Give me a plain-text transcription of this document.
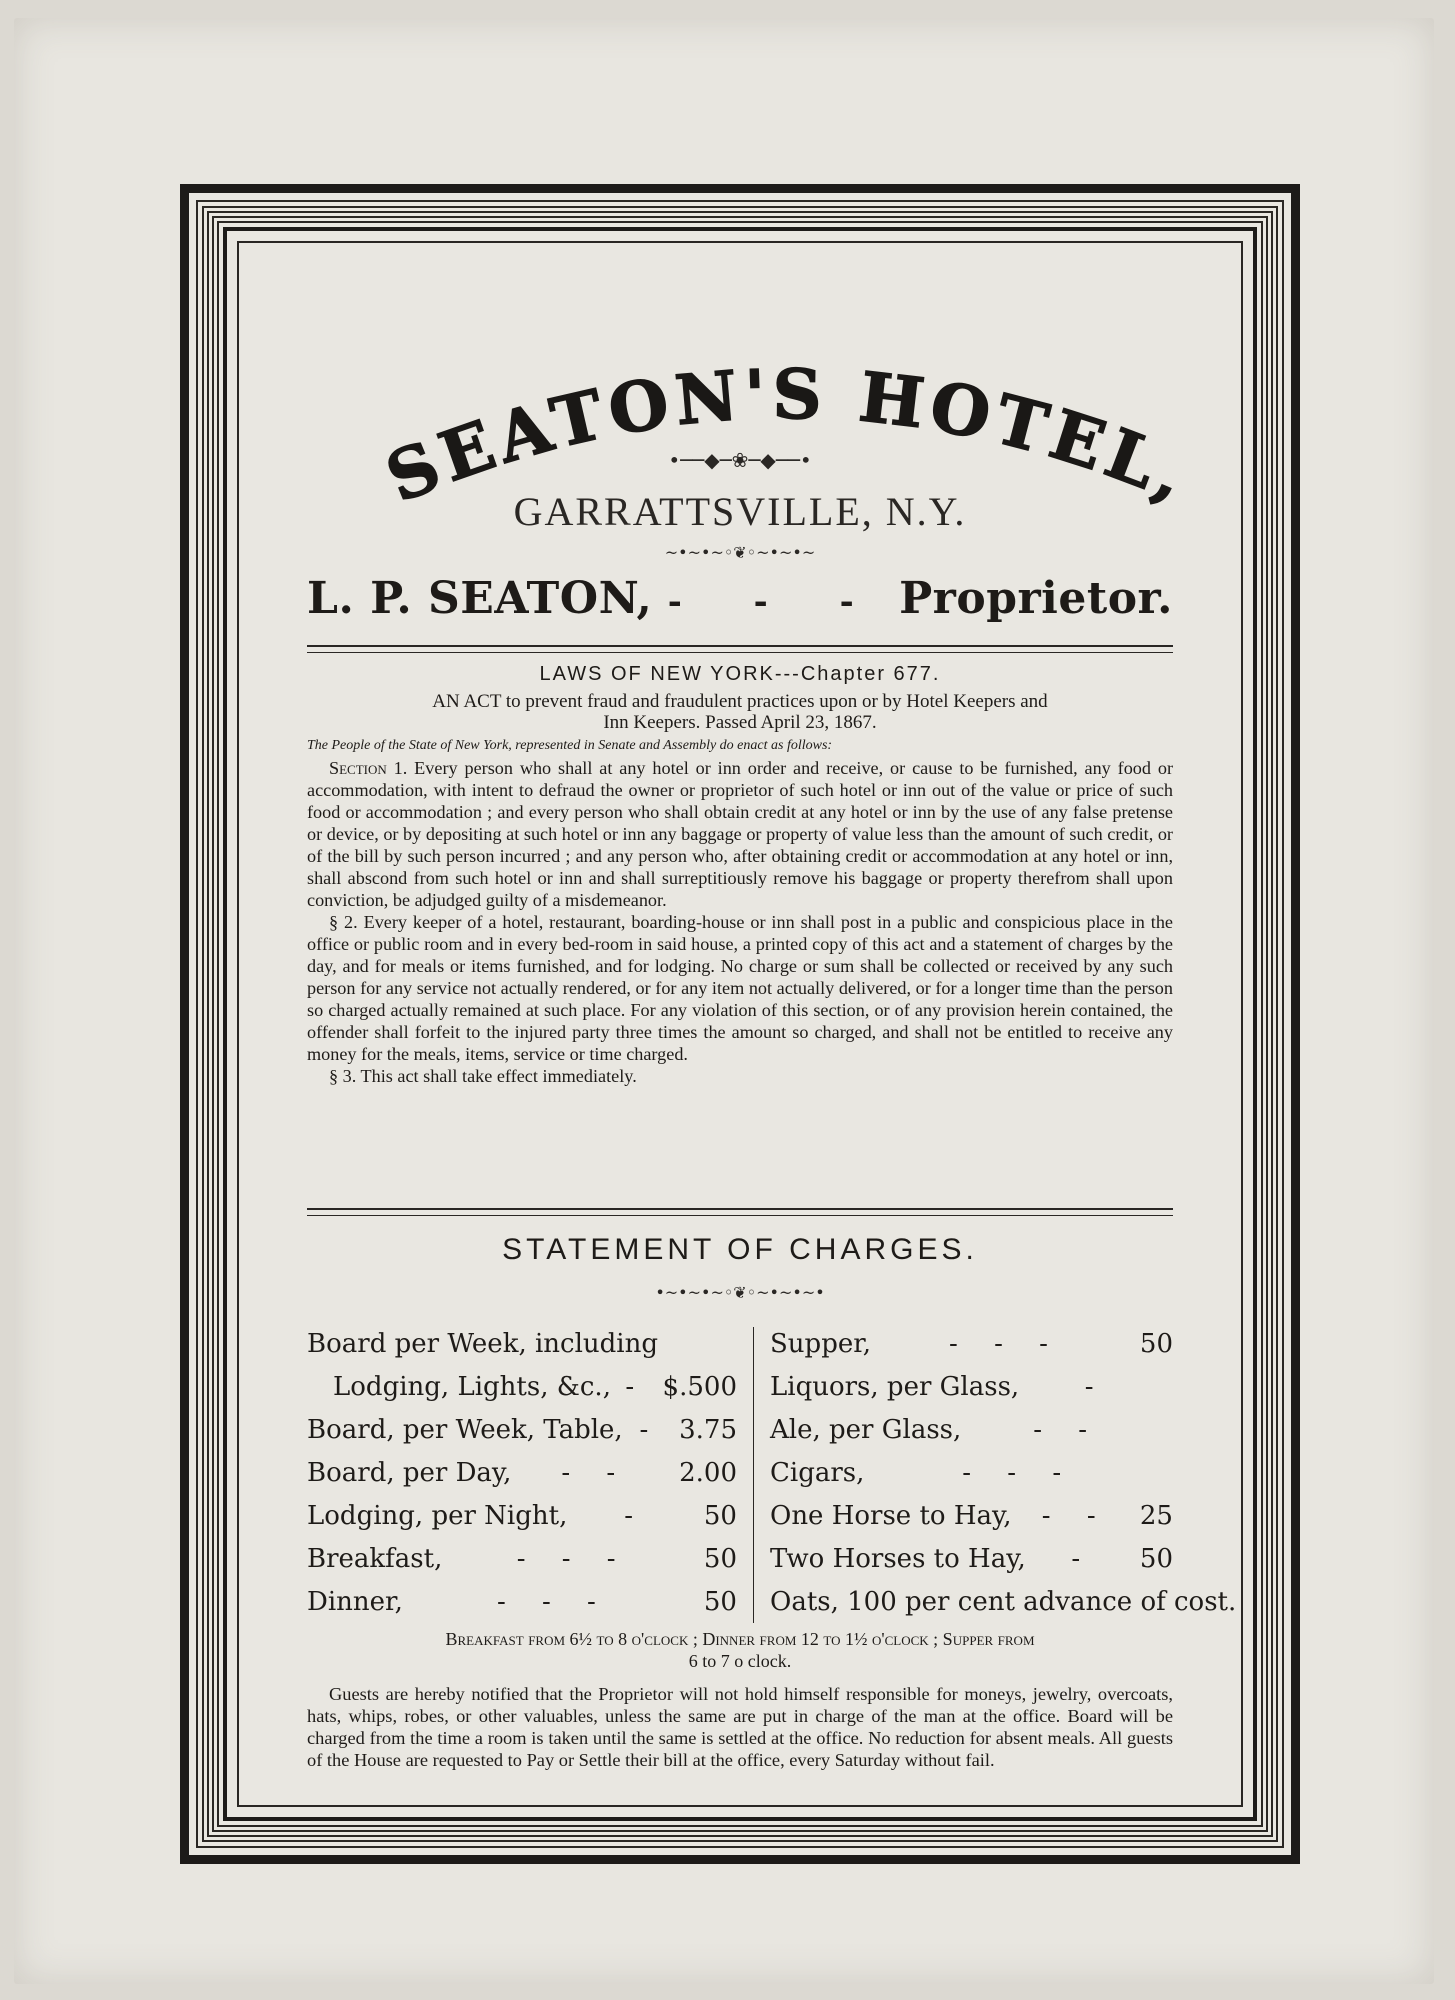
SEATON'S HOTEL,
•──◆─❀─◆──•
GARRATTSVILLE, N.Y.
~•~•~◦❦◦~•~•~
L. P. SEATON, - - - Proprietor.
LAWS OF NEW YORK---Chapter 677.
AN ACT to prevent fraud and fraudulent practices upon or by Hotel Keepers and
Inn Keepers. Passed April 23, 1867.
The People of the State of New York, represented in Senate and Assembly do enact as follows:

Section 1. Every person who shall at any hotel or inn order and receive, or cause to be furnished, any food or accommodation, with intent to defraud the owner or proprietor of such hotel or inn out of the value or price of such food or accommodation ; and every person who shall obtain credit at any hotel or inn by the use of any false pretense or device, or by depositing at such hotel or inn any baggage or property of value less than the amount of such credit, or of the bill by such person incurred ; and any person who, after obtaining credit or accommodation at any hotel or inn, shall abscond from such hotel or inn and shall surreptitiously remove his baggage or property therefrom shall upon conviction, be adjudged guilty of a misdemeanor.

§ 2. Every keeper of a hotel, restaurant, boarding-house or inn shall post in a public and conspicious place in the office or public room and in every bed-room in said house, a printed copy of this act and a statement of charges by the day, and for meals or items furnished, and for lodging. No charge or sum shall be collected or received by any such person for any service not actually rendered, or for any item not actually delivered, or for a longer time than the person so charged actually remained at such place. For any violation of this section, or of any provision herein contained, the offender shall forfeit to the injured party three times the amount so charged, and shall not be entitled to receive any money for the meals, items, service or time charged.

§ 3. This act shall take effect immediately.

STATEMENT OF CHARGES.
•~•~•~◦❦◦~•~•~•
Board per Week, including
Lodging, Lights, &c., - $.500
Board, per Week, Table, - 3.75
Board, per Day, - - 2.00
Lodging, per Night, - 50
Breakfast,	- - -	50
Dinner,	- - -	50
Supper,	- - -	50
Liquors, per Glass,	-
Ale, per Glass,	- -
Cigars,	- - -
One Horse to Hay, - - 25
Two Horses to Hay, - 50
Oats, 100 per cent advance of cost.
Breakfast from 6½ to 8 o'clock ; Dinner from 12 to 1½ o'clock ; Supper from
6 to 7 o clock.
Guests are hereby notified that the Proprietor will not hold himself responsible for moneys, jewelry, overcoats, hats, whips, robes, or other valuables, unless the same are put in charge of the man at the office. Board will be charged from the time a room is taken until the same is settled at the office. No reduction for absent meals. All guests of the House are requested to Pay or Settle their bill at the office, every Saturday without fail.
